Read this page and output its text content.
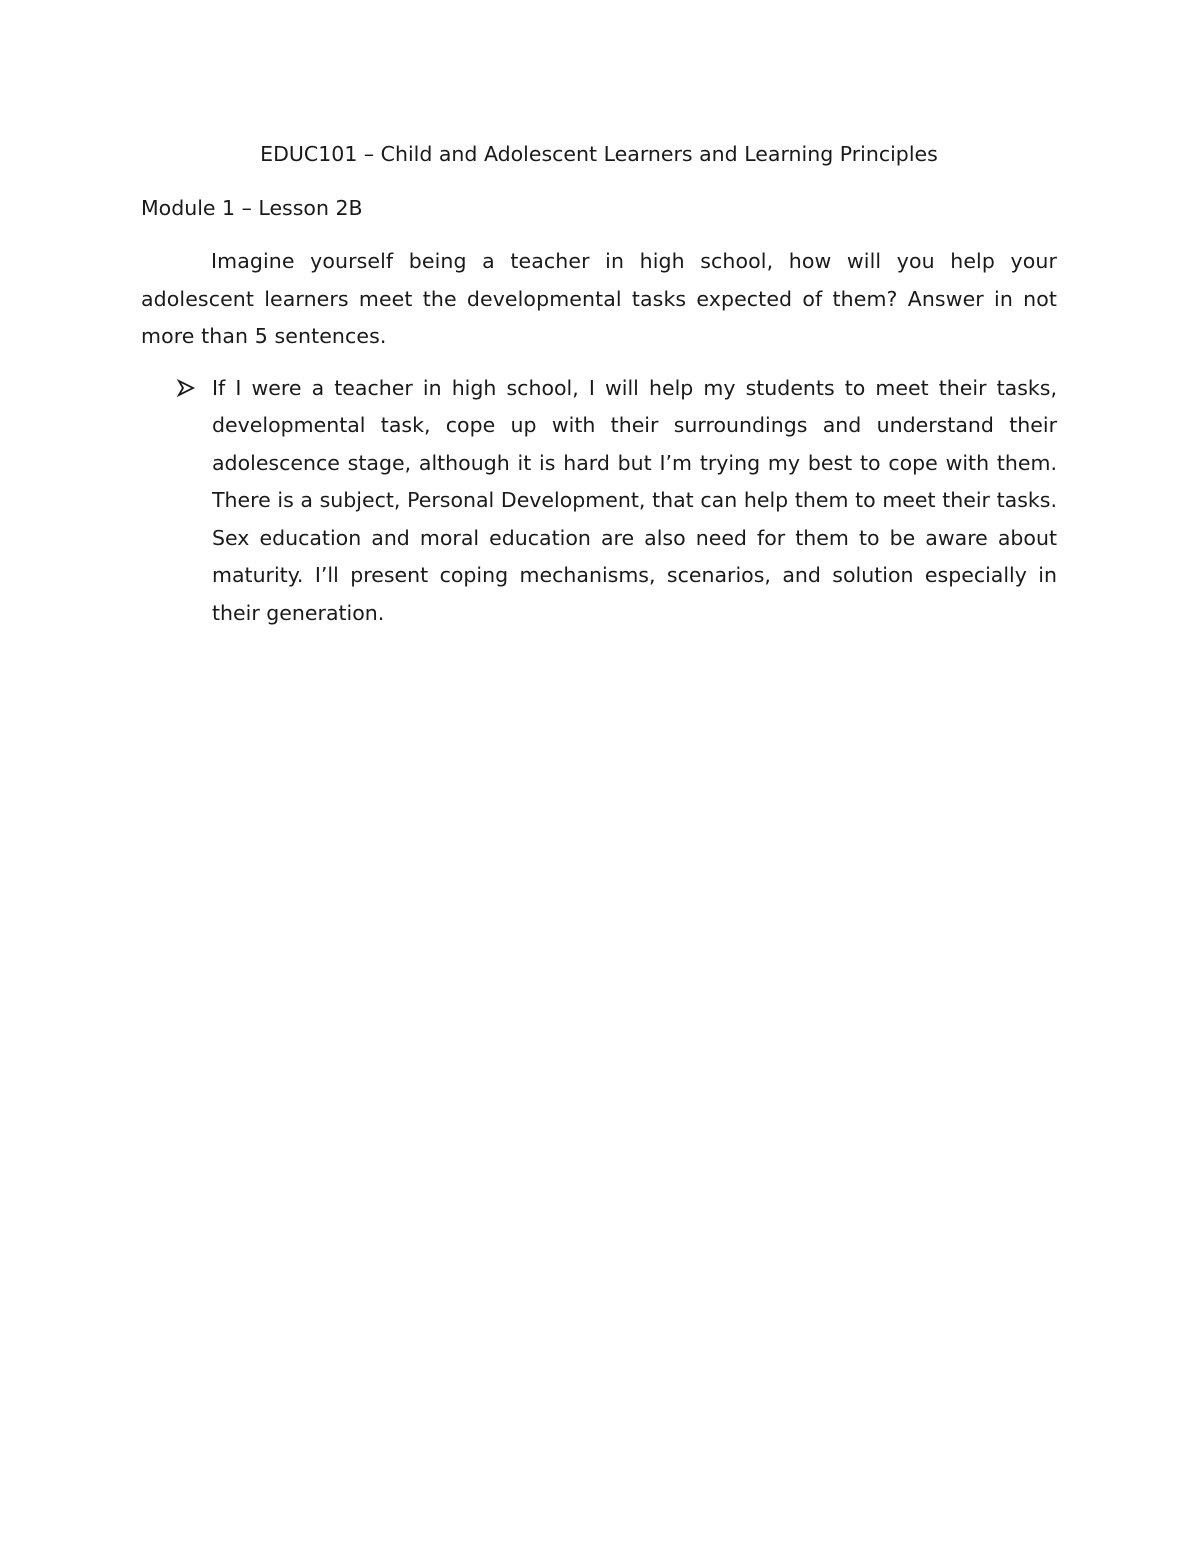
EDUC101 – Child and Adolescent Learners and Learning Principles

Module 1 – Lesson 2B

Imagine yourself being a teacher in high school, how will you help your adolescent learners meet the developmental tasks expected of them? Answer in not more than 5 sentences.

If I were a teacher in high school, I will help my students to meet their tasks, developmental task, cope up with their surroundings and understand their adolescence stage, although it is hard but I’m trying my best to cope with them. There is a subject, Personal Development, that can help them to meet their tasks. Sex education and moral education are also need for them to be aware about maturity. I’ll present coping mechanisms, scenarios, and solution especially in their generation.
